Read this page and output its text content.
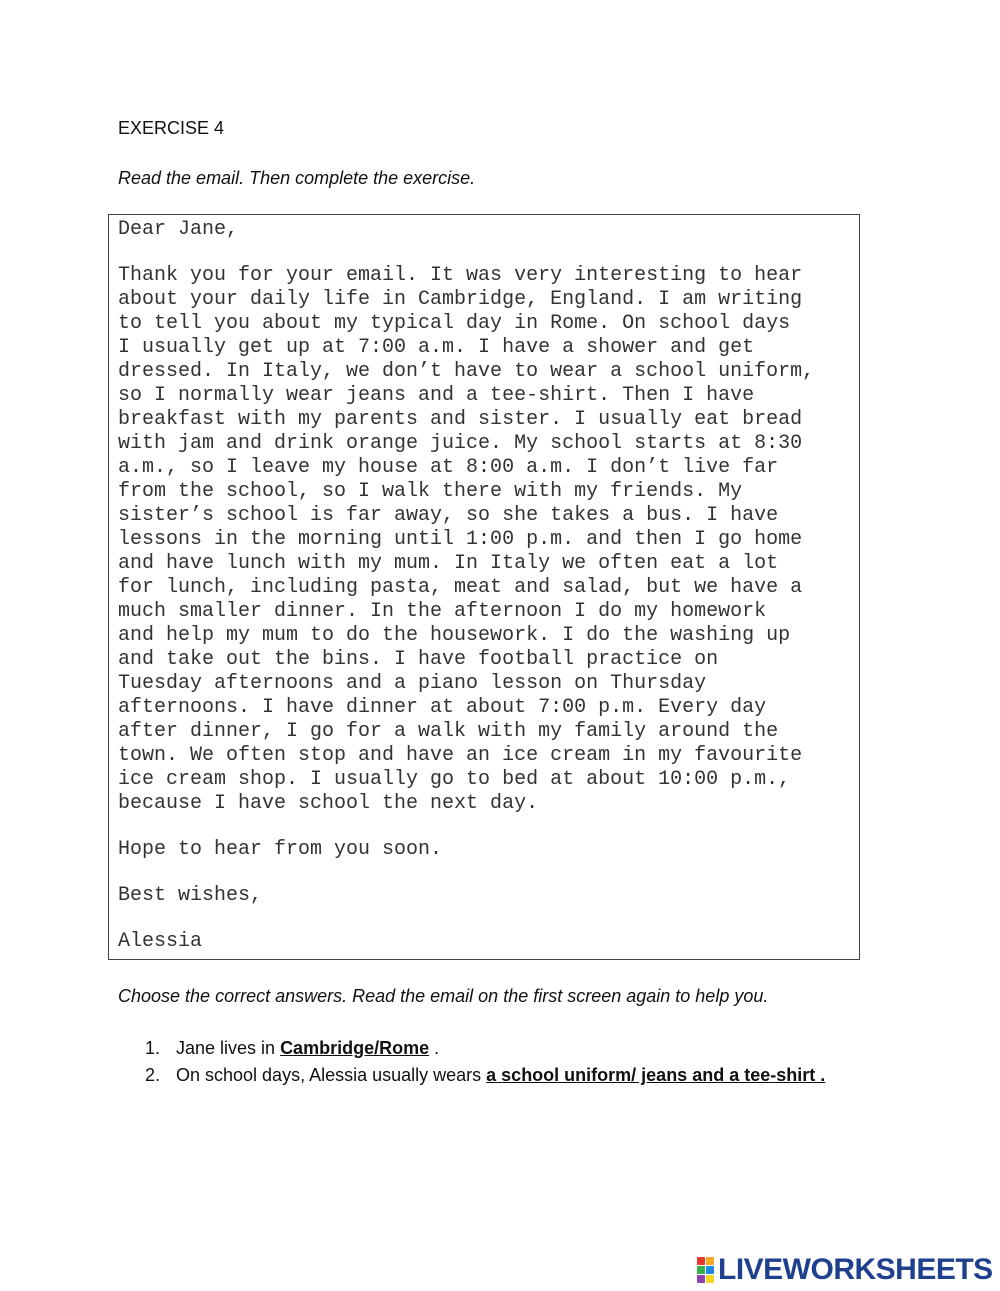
EXERCISE 4
Read the email. Then complete the exercise.
Dear Jane,
Thank you for your email. It was very interesting to hear
about your daily life in Cambridge, England. I am writing
to tell you about my typical day in Rome. On school days
I usually get up at 7:00 a.m. I have a shower and get
dressed. In Italy, we don’t have to wear a school uniform,
so I normally wear jeans and a tee-shirt. Then I have
breakfast with my parents and sister. I usually eat bread
with jam and drink orange juice. My school starts at 8:30
a.m., so I leave my house at 8:00 a.m. I don’t live far
from the school, so I walk there with my friends. My
sister’s school is far away, so she takes a bus. I have
lessons in the morning until 1:00 p.m. and then I go home
and have lunch with my mum. In Italy we often eat a lot
for lunch, including pasta, meat and salad, but we have a
much smaller dinner. In the afternoon I do my homework
and help my mum to do the housework. I do the washing up
and take out the bins. I have football practice on
Tuesday afternoons and a piano lesson on Thursday
afternoons. I have dinner at about 7:00 p.m. Every day
after dinner, I go for a walk with my family around the
town. We often stop and have an ice cream in my favourite
ice cream shop. I usually go to bed at about 10:00 p.m.,
because I have school the next day.
Hope to hear from you soon.
Best wishes,
Alessia
Choose the correct answers. Read the email on the first screen again to help you.
1. Jane lives in Cambridge/Rome .
2. On school days, Alessia usually wears a school uniform/ jeans and a tee-shirt .
LIVEWORKSHEETS
